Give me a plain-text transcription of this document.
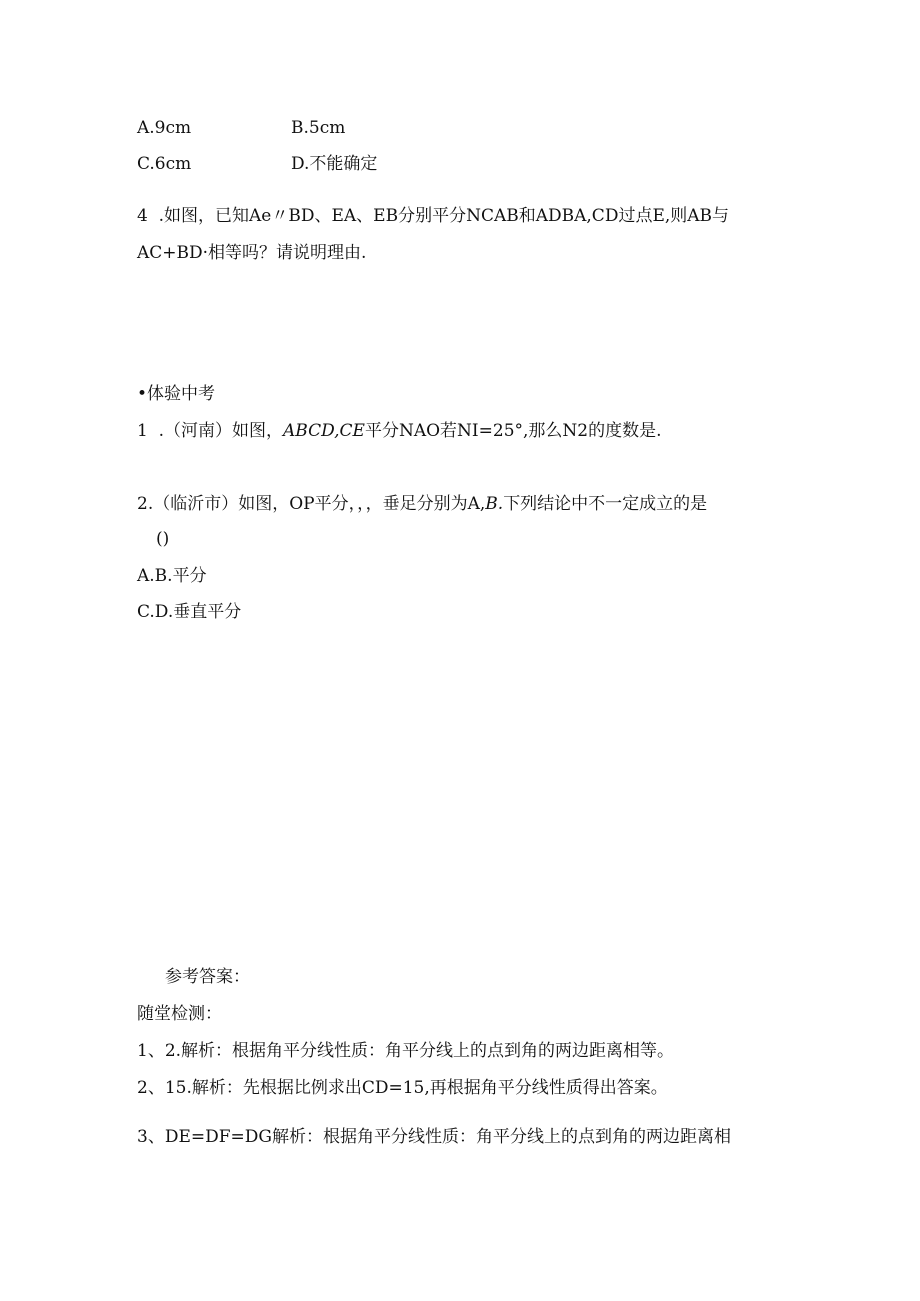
A.9cm	B.5cm
C.6cm	D.不能确定
4  .如图，已知Ae〃BD、EA、EB分别平分NCAB和ADBA,CD过点E,则AB与
AC+BD·相等吗？请说明理由.
•体验中考
1  .（河南）如图，ABCD,CE平分NAO若NI=25°,那么N2的度数是.
2.（临沂市）如图，OP平分，，，垂足分别为A,B.下列结论中不一定成立的是
()
A.B.平分
C.D.垂直平分
参考答案：
随堂检测：
1、2.解析：根据角平分线性质：角平分线上的点到角的两边距离相等。
2、15.解析：先根据比例求出CD=15,再根据角平分线性质得出答案。
3、DE=DF=DG解析：根据角平分线性质：角平分线上的点到角的两边距离相
